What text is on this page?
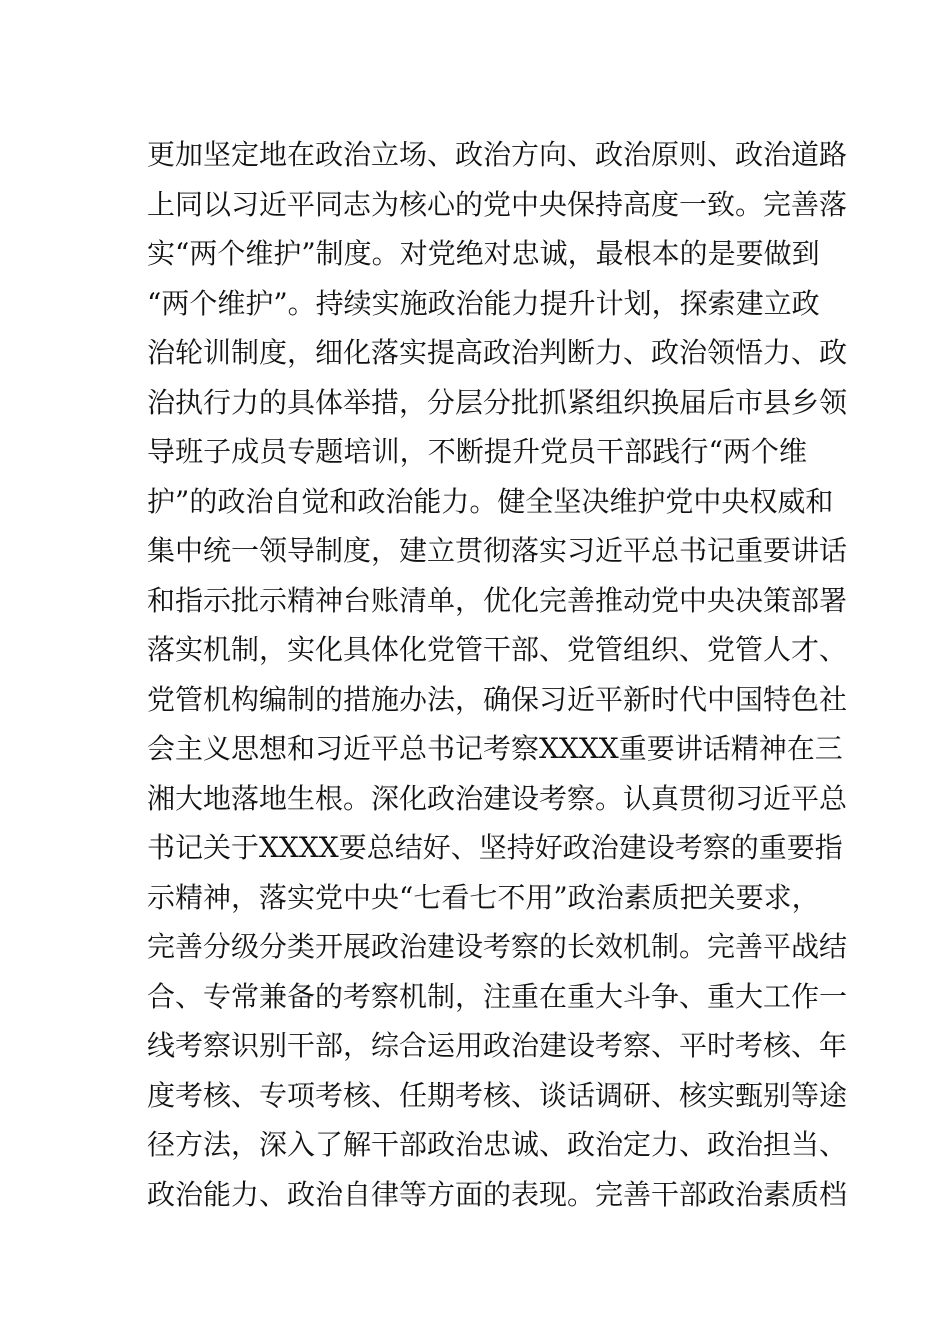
更加坚定地在政治立场、政治方向、政治原则、政治道路
上同以习近平同志为核心的党中央保持高度一致。完善落
实“两个维护”制度。对党绝对忠诚，最根本的是要做到
“两个维护”。持续实施政治能力提升计划，探索建立政
治轮训制度，细化落实提高政治判断力、政治领悟力、政
治执行力的具体举措，分层分批抓紧组织换届后市县乡领
导班子成员专题培训，不断提升党员干部践行“两个维
护”的政治自觉和政治能力。健全坚决维护党中央权威和
集中统一领导制度，建立贯彻落实习近平总书记重要讲话
和指示批示精神台账清单，优化完善推动党中央决策部署
落实机制，实化具体化党管干部、党管组织、党管人才、
党管机构编制的措施办法，确保习近平新时代中国特色社
会主义思想和习近平总书记考察XXXX重要讲话精神在三
湘大地落地生根。深化政治建设考察。认真贯彻习近平总
书记关于XXXX要总结好、坚持好政治建设考察的重要指
示精神，落实党中央“七看七不用”政治素质把关要求，
完善分级分类开展政治建设考察的长效机制。完善平战结
合、专常兼备的考察机制，注重在重大斗争、重大工作一
线考察识别干部，综合运用政治建设考察、平时考核、年
度考核、专项考核、任期考核、谈话调研、核实甄别等途
径方法，深入了解干部政治忠诚、政治定力、政治担当、
政治能力、政治自律等方面的表现。完善干部政治素质档
